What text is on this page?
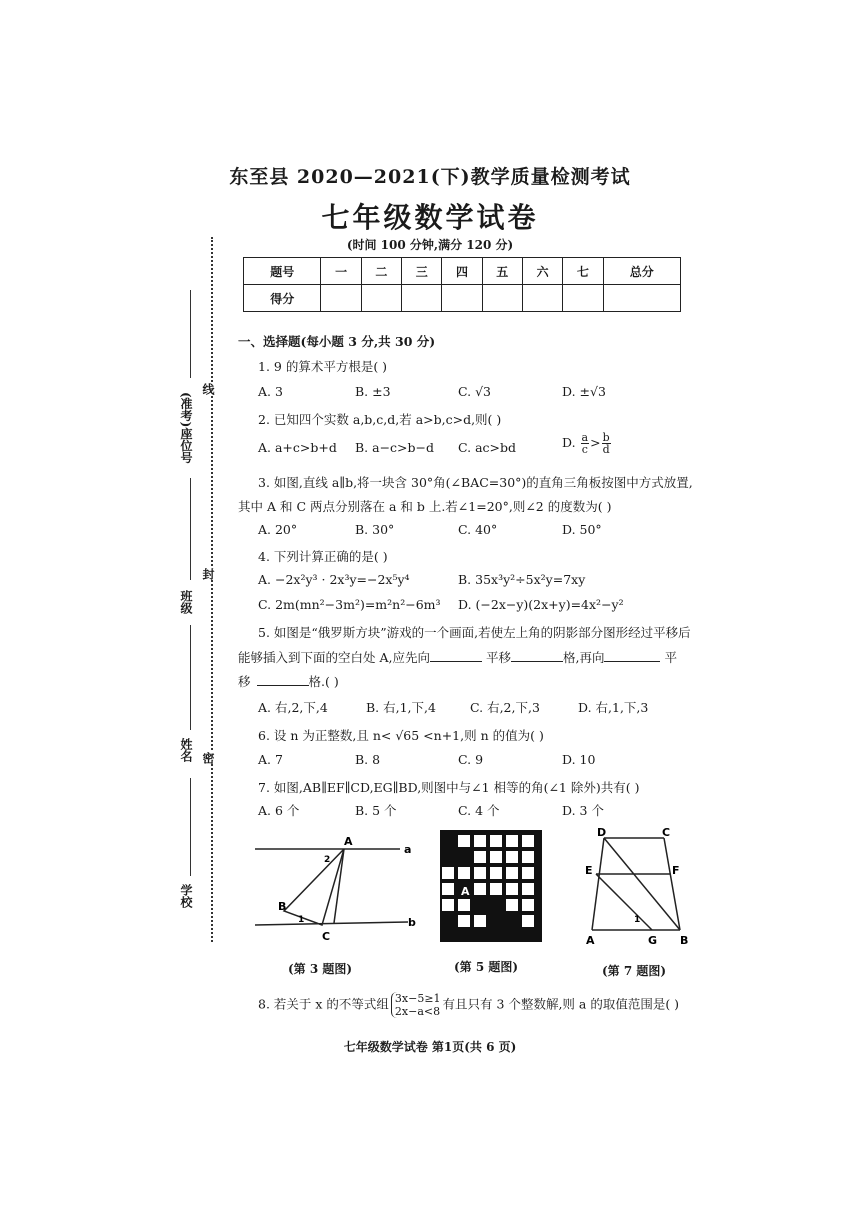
东至县 2020—2021(下)教学质量检测考试
七年级数学试卷
(时间 100 分钟,满分 120 分)
题号	一	二	三	四	五	六	七	总分
得分								
线
封
密
(准考)座位号
班级
姓名
学校
一、选择题(每小题 3 分,共 30 分)
1. 9 的算术平方根是( )
A. 3	B. ±3	C. √3	D. ±√3
2. 已知四个实数 a,b,c,d,若 a>b,c>d,则( )
A. a+c>b+d B. a−c>b−d C. ac>bd	D. $\frac{a}{c} > \frac{b}{d}$
3. 如图,直线 a∥b,将一块含 30°角(∠BAC=30°)的直角三角板按图中方式放置,
其中 A 和 C 两点分别落在 a 和 b 上.若∠1=20°,则∠2 的度数为( )
A. 20°	B. 30°	C. 40°	D. 50°
4. 下列计算正确的是( )
A. −2x²y³ · 2x³y=−2x⁵y⁴	B. 35x³y²÷5x²y=7xy
C. 2m(mn²−3m²)=m²n²−6m³ D. (−2x−y)(2x+y)=4x²−y²
5. 如图是“俄罗斯方块”游戏的一个画面,若使左上角的阴影部分图形经过平移后
能够插入到下面的空白处 A,应先向	平移	格,再向	平
移	格.( )
A. 右,2,下,4	B. 右,1,下,4	C. 右,2,下,3	D. 右,1,下,3
6. 设 n 为正整数,且 n< √65 <n+1,则 n 的值为( )
A. 7	B. 8	C. 9	D. 10
7. 如图,AB∥EF∥CD,EG∥BD,则图中与∠1 相等的角(∠1 除外)共有( )
A. 6 个	B. 5 个	C. 4 个	D. 3 个
A
B
C
a
b
2
1
(第 3 题图)
A
(第 5 题图)
D	C
E	F
A	G B
1
(第 7 题图)
8. 若关于 x 的不等式组 3x−5≥1
2x−a<8 有且只有 3 个整数解,则 a 的取值范围是( )
七年级数学试卷 第1页(共 6 页)
